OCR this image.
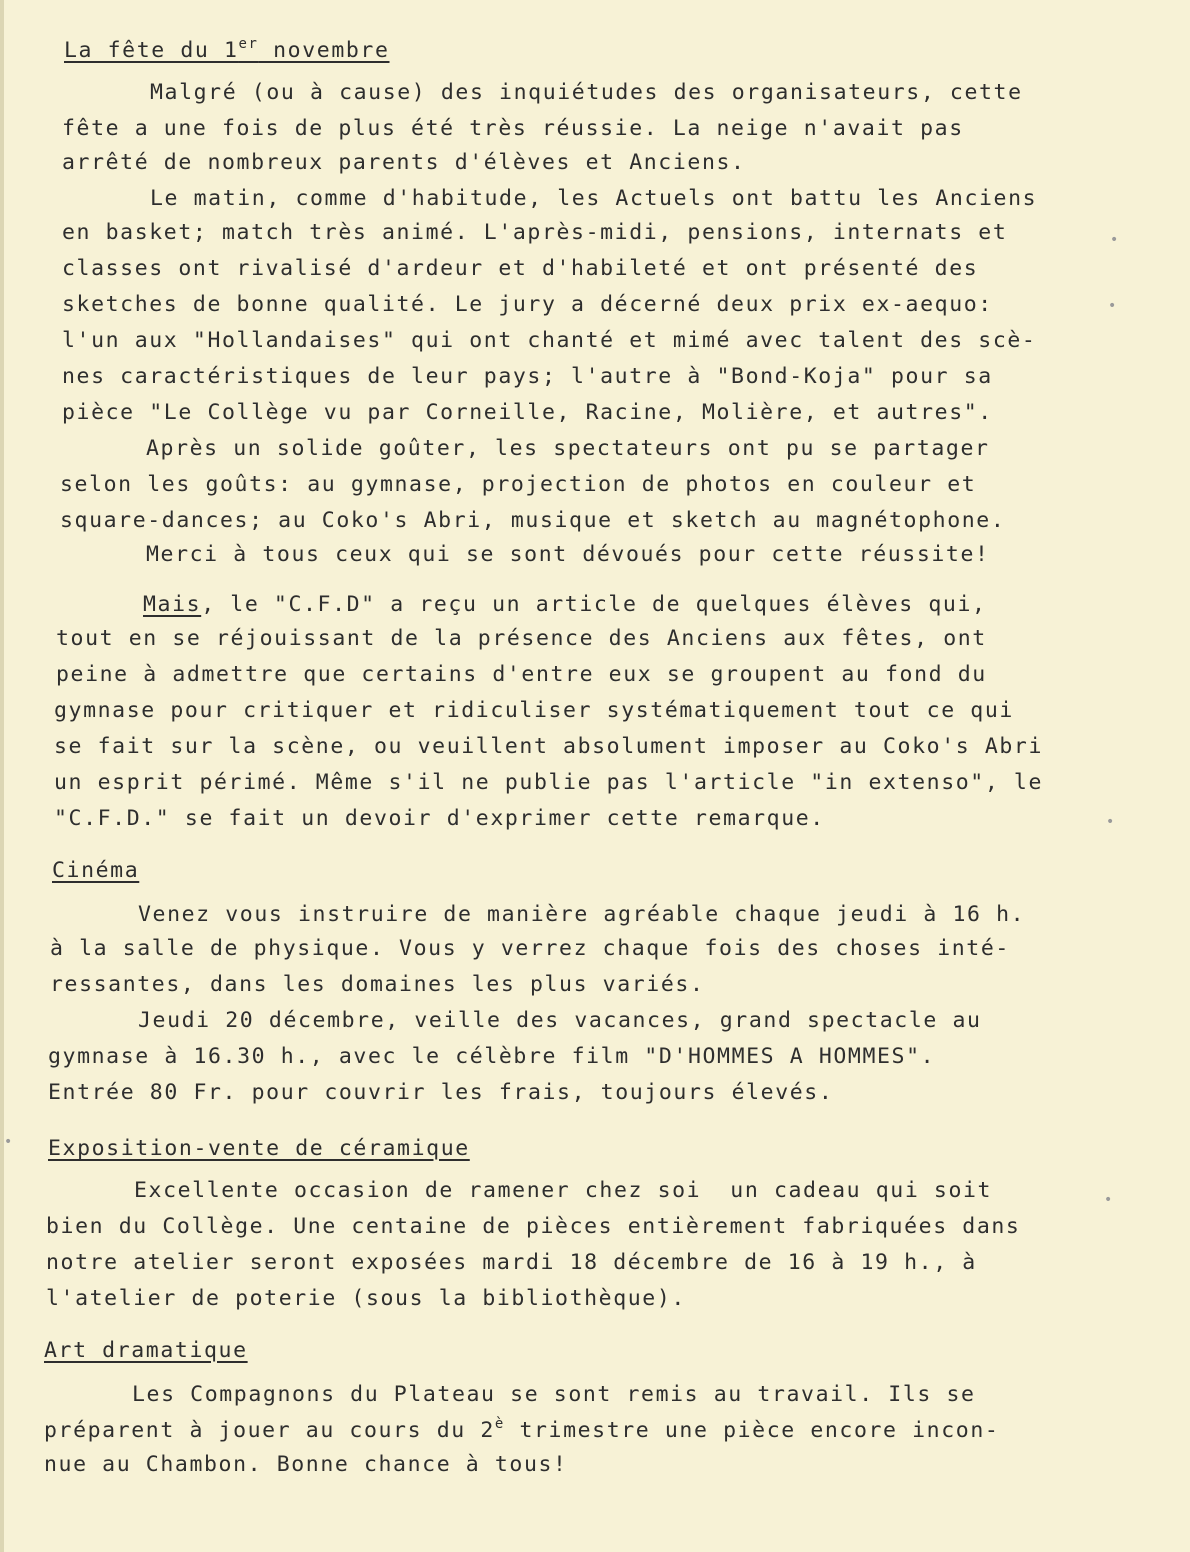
La fête du 1er novembre
Malgré (ou à cause) des inquiétudes des organisateurs, cette
fête a une fois de plus été très réussie. La neige n'avait pas
arrêté de nombreux parents d'élèves et Anciens.
Le matin, comme d'habitude, les Actuels ont battu les Anciens
en basket; match très animé. L'après-midi, pensions, internats et
classes ont rivalisé d'ardeur et d'habileté et ont présenté des
sketches de bonne qualité. Le jury a décerné deux prix ex-aequo:
l'un aux "Hollandaises" qui ont chanté et mimé avec talent des scè-
nes caractéristiques de leur pays; l'autre à "Bond-Koja" pour sa
pièce "Le Collège vu par Corneille, Racine, Molière, et autres".
Après un solide goûter, les spectateurs ont pu se partager
selon les goûts: au gymnase, projection de photos en couleur et
square-dances; au Coko's Abri, musique et sketch au magnétophone.
Merci à tous ceux qui se sont dévoués pour cette réussite!
Mais, le "C.F.D" a reçu un article de quelques élèves qui,
tout en se réjouissant de la présence des Anciens aux fêtes, ont
peine à admettre que certains d'entre eux se groupent au fond du
gymnase pour critiquer et ridiculiser systématiquement tout ce qui
se fait sur la scène, ou veuillent absolument imposer au Coko's Abri
un esprit périmé. Même s'il ne publie pas l'article "in extenso", le
"C.F.D." se fait un devoir d'exprimer cette remarque.
Cinéma
Venez vous instruire de manière agréable chaque jeudi à 16 h.
à la salle de physique. Vous y verrez chaque fois des choses inté-
ressantes, dans les domaines les plus variés.
Jeudi 20 décembre, veille des vacances, grand spectacle au
gymnase à 16.30 h., avec le célèbre film "D'HOMMES A HOMMES".
Entrée 80 Fr. pour couvrir les frais, toujours élevés.
Exposition-vente de céramique
Excellente occasion de ramener chez soi  un cadeau qui soit
bien du Collège. Une centaine de pièces entièrement fabriquées dans
notre atelier seront exposées mardi 18 décembre de 16 à 19 h., à
l'atelier de poterie (sous la bibliothèque).
Art dramatique
Les Compagnons du Plateau se sont remis au travail. Ils se
préparent à jouer au cours du $2^è$ trimestre une pièce encore incon-
nue au Chambon. Bonne chance à tous!
•
•
•
•
•
